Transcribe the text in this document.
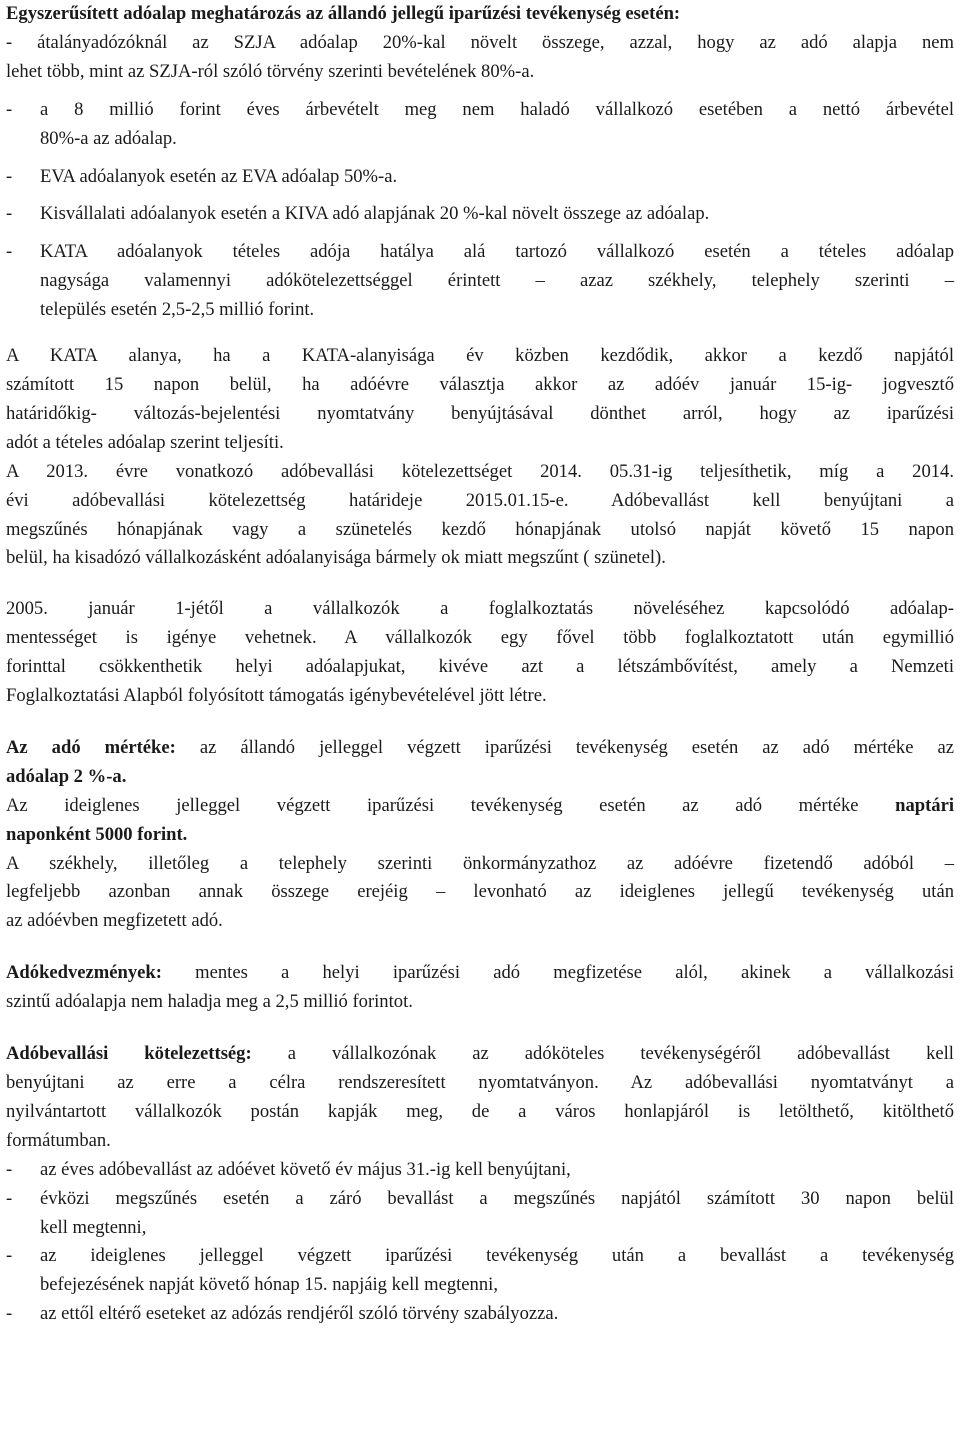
Egyszerűsített adóalap meghatározás az állandó jellegű iparűzési tevékenység esetén:
- átalányadózóknál az SZJA adóalap 20%-kal növelt összege, azzal, hogy az adó alapja nem
lehet több, mint az SZJA-ról szóló törvény szerinti bevételének 80%-a.
-	a 8 millió forint éves árbevételt meg nem haladó vállalkozó esetében a nettó árbevétel
80%-a az adóalap.
-	EVA adóalanyok esetén az EVA adóalap 50%-a.
-	Kisvállalati adóalanyok esetén a KIVA adó alapjának 20 %-kal növelt összege az adóalap.
-	KATA adóalanyok tételes adója hatálya alá tartozó vállalkozó esetén a tételes adóalap
nagysága valamennyi adókötelezettséggel érintett – azaz székhely, telephely szerinti –
település esetén 2,5-2,5 millió forint.
A KATA alanya, ha a KATA-alanyisága év közben kezdődik, akkor a kezdő napjától
számított 15 napon belül, ha adóévre választja akkor az adóév január 15-ig- jogvesztő
határidőkig- változás-bejelentési nyomtatvány benyújtásával dönthet arról, hogy az iparűzési
adót a tételes adóalap szerint teljesíti.
A 2013. évre vonatkozó adóbevallási kötelezettséget 2014. 05.31-ig teljesíthetik, míg a 2014.
évi adóbevallási kötelezettség határideje 2015.01.15-e. Adóbevallást kell benyújtani a
megszűnés hónapjának vagy a szünetelés kezdő hónapjának utolsó napját követő 15 napon
belül, ha kisadózó vállalkozásként adóalanyisága bármely ok miatt megszűnt ( szünetel).
2005. január 1-jétől a vállalkozók a foglalkoztatás növeléséhez kapcsolódó adóalap-
mentességet is igénye vehetnek. A vállalkozók egy fővel több foglalkoztatott után egymillió
forinttal csökkenthetik helyi adóalapjukat, kivéve azt a létszámbővítést, amely a Nemzeti
Foglalkoztatási Alapból folyósított támogatás igénybevételével jött létre.
Az adó mértéke: az állandó jelleggel végzett iparűzési tevékenység esetén az adó mértéke az
adóalap 2 %-a.
Az ideiglenes jelleggel végzett iparűzési tevékenység esetén az adó mértéke naptári
naponként 5000 forint.
A székhely, illetőleg a telephely szerinti önkormányzathoz az adóévre fizetendő adóból –
legfeljebb azonban annak összege erejéig – levonható az ideiglenes jellegű tevékenység után
az adóévben megfizetett adó.
Adókedvezmények: mentes a helyi iparűzési adó megfizetése alól, akinek a vállalkozási
szintű adóalapja nem haladja meg a 2,5 millió forintot.
Adóbevallási kötelezettség: a vállalkozónak az adóköteles tevékenységéről adóbevallást kell
benyújtani az erre a célra rendszeresített nyomtatványon. Az adóbevallási nyomtatványt a
nyilvántartott vállalkozók postán kapják meg, de a város honlapjáról is letölthető, kitölthető
formátumban.
-	az éves adóbevallást az adóévet követő év május 31.-ig kell benyújtani,
-	évközi megszűnés esetén a záró bevallást a megszűnés napjától számított 30 napon belül
kell megtenni,
-	az ideiglenes jelleggel végzett iparűzési tevékenység után a bevallást a tevékenység
befejezésének napját követő hónap 15. napjáig kell megtenni,
-	az ettől eltérő eseteket az adózás rendjéről szóló törvény szabályozza.
